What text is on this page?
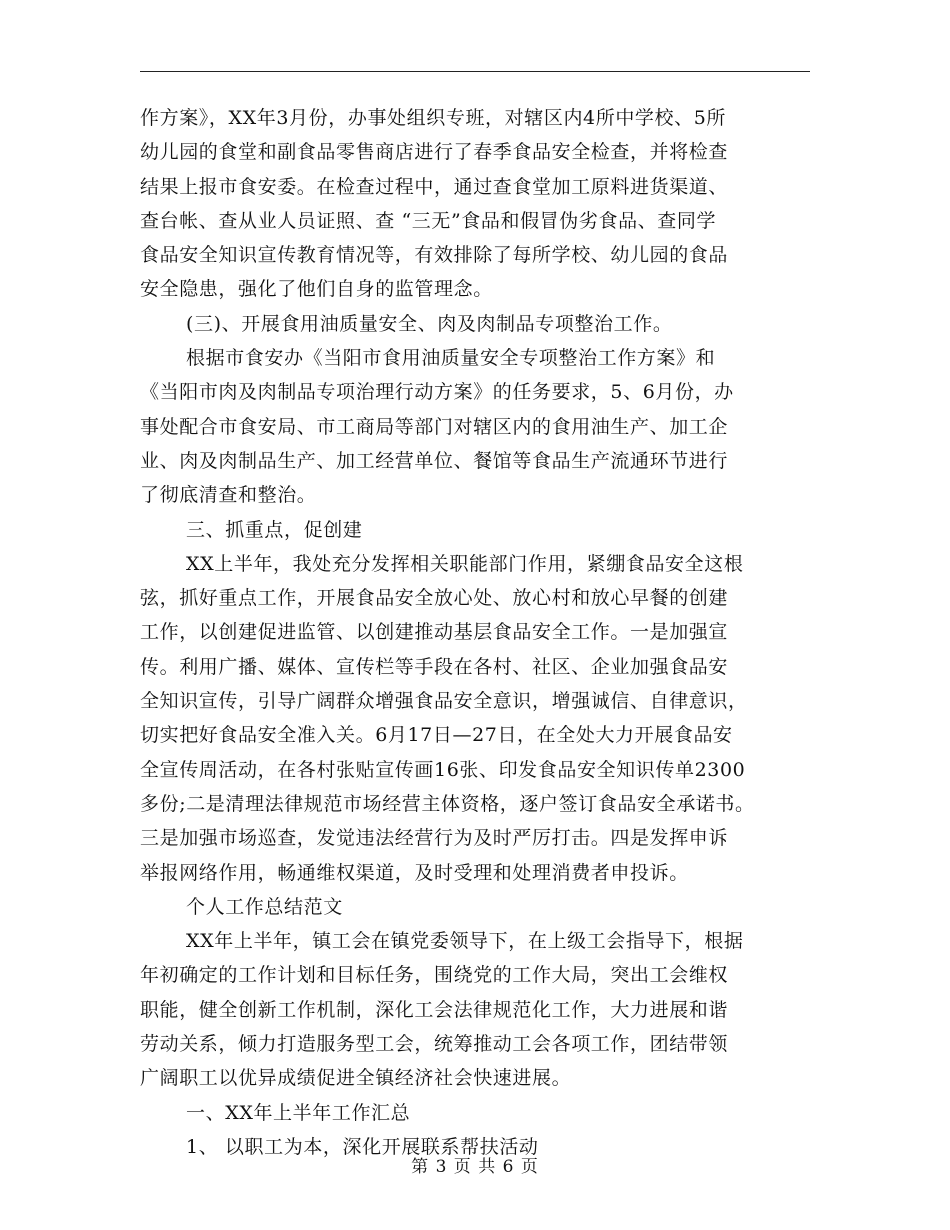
作方案》，XX年3月份，办事处组织专班，对辖区内4所中学校、5所
幼儿园的食堂和副食品零售商店进行了春季食品安全检查，并将检查
结果上报市食安委。在检查过程中，通过查食堂加工原料进货渠道、
查台帐、查从业人员证照、查 “三无”食品和假冒伪劣食品、查同学
食品安全知识宣传教育情况等，有效排除了每所学校、幼儿园的食品
安全隐患，强化了他们自身的监管理念。
(三)、开展食用油质量安全、肉及肉制品专项整治工作。
根据市食安办《当阳市食用油质量安全专项整治工作方案》和
《当阳市肉及肉制品专项治理行动方案》的任务要求，5、6月份，办
事处配合市食安局、市工商局等部门对辖区内的食用油生产、加工企
业、肉及肉制品生产、加工经营单位、餐馆等食品生产流通环节进行
了彻底清查和整治。
三、抓重点，促创建
XX上半年，我处充分发挥相关职能部门作用，紧绷食品安全这根
弦，抓好重点工作，开展食品安全放心处、放心村和放心早餐的创建
工作，以创建促进监管、以创建推动基层食品安全工作。一是加强宣
传。利用广播、媒体、宣传栏等手段在各村、社区、企业加强食品安
全知识宣传，引导广阔群众增强食品安全意识，增强诚信、自律意识，
切实把好食品安全准入关。6月17日—27日，在全处大力开展食品安
全宣传周活动，在各村张贴宣传画16张、印发食品安全知识传单2300
多份;二是清理法律规范市场经营主体资格，逐户签订食品安全承诺书。
三是加强市场巡查，发觉违法经营行为及时严厉打击。四是发挥申诉
举报网络作用，畅通维权渠道，及时受理和处理消费者申投诉。
个人工作总结范文
XX年上半年，镇工会在镇党委领导下，在上级工会指导下，根据
年初确定的工作计划和目标任务，围绕党的工作大局，突出工会维权
职能，健全创新工作机制，深化工会法律规范化工作，大力进展和谐
劳动关系，倾力打造服务型工会，统筹推动工会各项工作，团结带领
广阔职工以优异成绩促进全镇经济社会快速进展。
一、XX年上半年工作汇总
1、 以职工为本，深化开展联系帮扶活动
第 3 页 共 6 页
